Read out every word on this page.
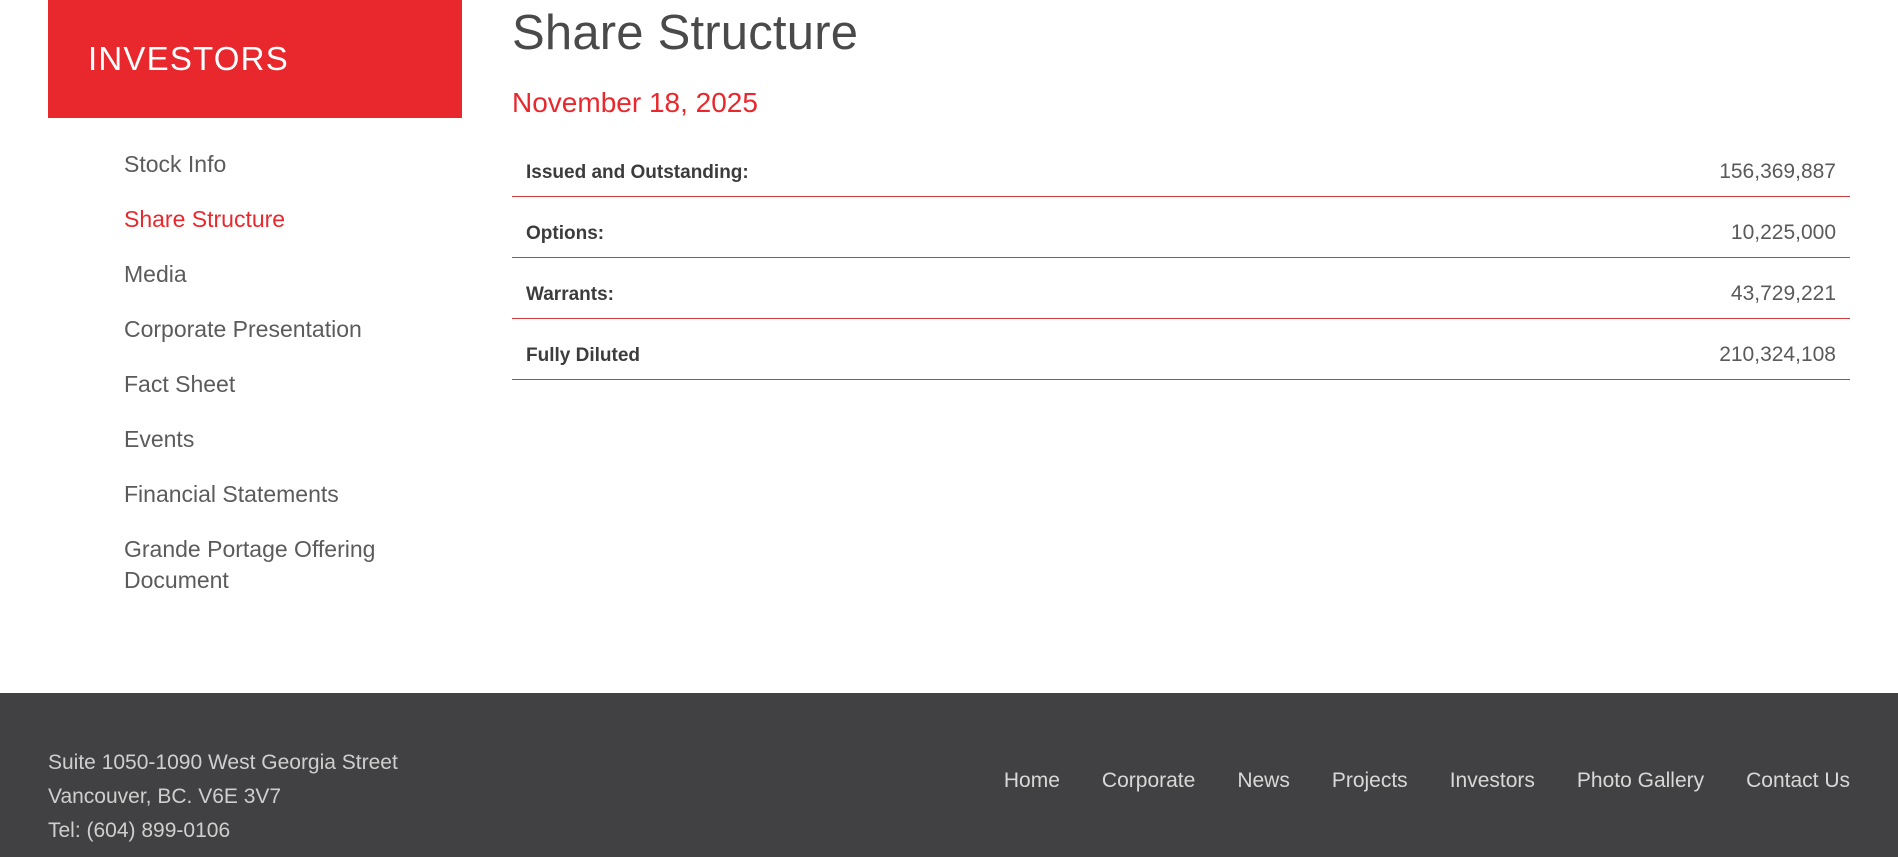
INVESTORS
Stock Info
Share Structure
Media
Corporate Presentation
Fact Sheet
Events
Financial Statements
Grande Portage Offering Document
Share Structure
November 18, 2025
Issued and Outstanding:	156,369,887
Options:	10,225,000
Warrants:	43,729,221
Fully Diluted	210,324,108
Suite 1050-1090 West Georgia Street
Vancouver, BC. V6E 3V7
Tel: (604) 899-0106
Home Corporate News Projects Investors Photo Gallery Contact Us
